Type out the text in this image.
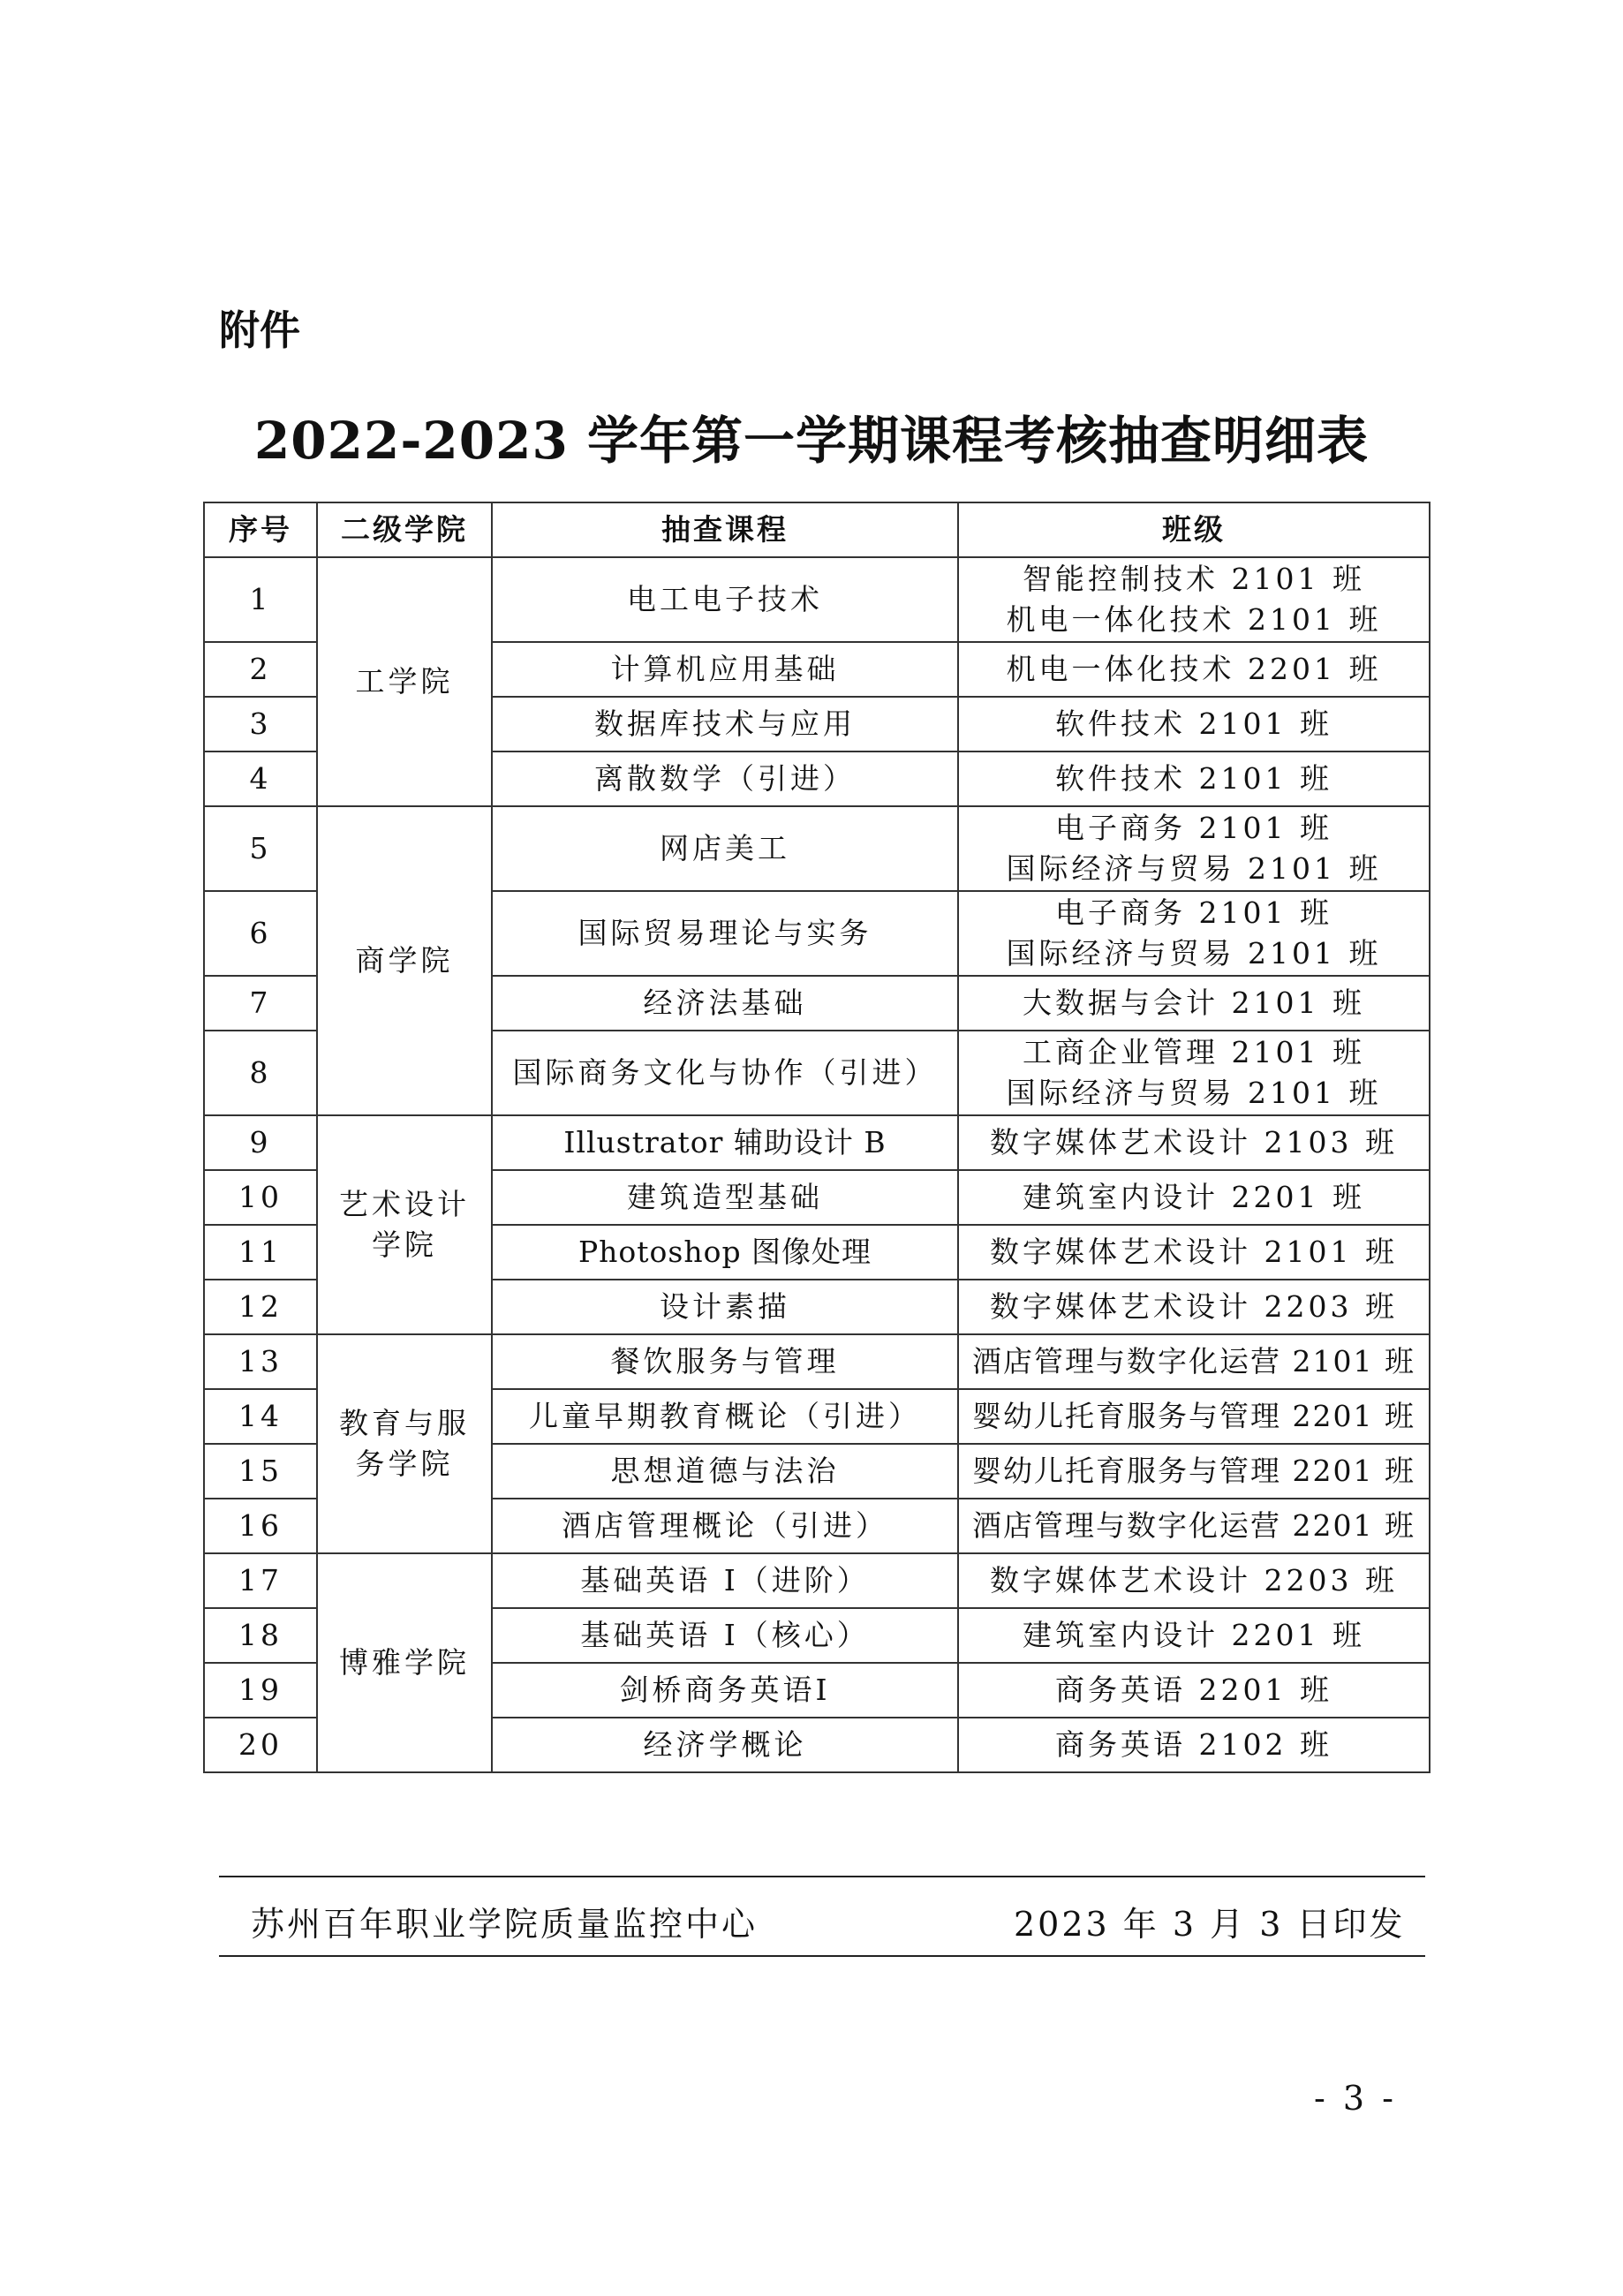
附件
2022-2023 学年第一学期课程考核抽查明细表
序号	二级学院	抽查课程	班级
1	工学院	电工电子技术	智能控制技术 2101 班
机电一体化技术 2101 班

2		计算机应用基础	机电一体化技术 2201 班
3		数据库技术与应用	软件技术 2101 班
4		离散数学（引进）	软件技术 2101 班
5	商学院	网店美工	电子商务 2101 班
国际经济与贸易 2101 班

6		国际贸易理论与实务	电子商务 2101 班
国际经济与贸易 2101 班

7		经济法基础	大数据与会计 2101 班
8		国际商务文化与协作（引进）	工商企业管理 2101 班
国际经济与贸易 2101 班

9	艺术设计学院	Illustrator 辅助设计 B	数字媒体艺术设计 2103 班
10		建筑造型基础	建筑室内设计 2201 班
11		Photoshop 图像处理	数字媒体艺术设计 2101 班
12		设计素描	数字媒体艺术设计 2203 班
13	教育与服务学院	餐饮服务与管理	酒店管理与数字化运营 2101 班
14		儿童早期教育概论（引进）	婴幼儿托育服务与管理 2201 班
15		思想道德与法治	婴幼儿托育服务与管理 2201 班
16		酒店管理概论（引进）	酒店管理与数字化运营 2201 班
17	博雅学院	基础英语 I（进阶）	数字媒体艺术设计 2203 班
18		基础英语 I（核心）	建筑室内设计 2201 班
19		剑桥商务英语I	商务英语 2201 班
20		经济学概论	商务英语 2102 班
苏州百年职业学院质量监控中心	2023 年 3 月 3 日印发
- 3 -
